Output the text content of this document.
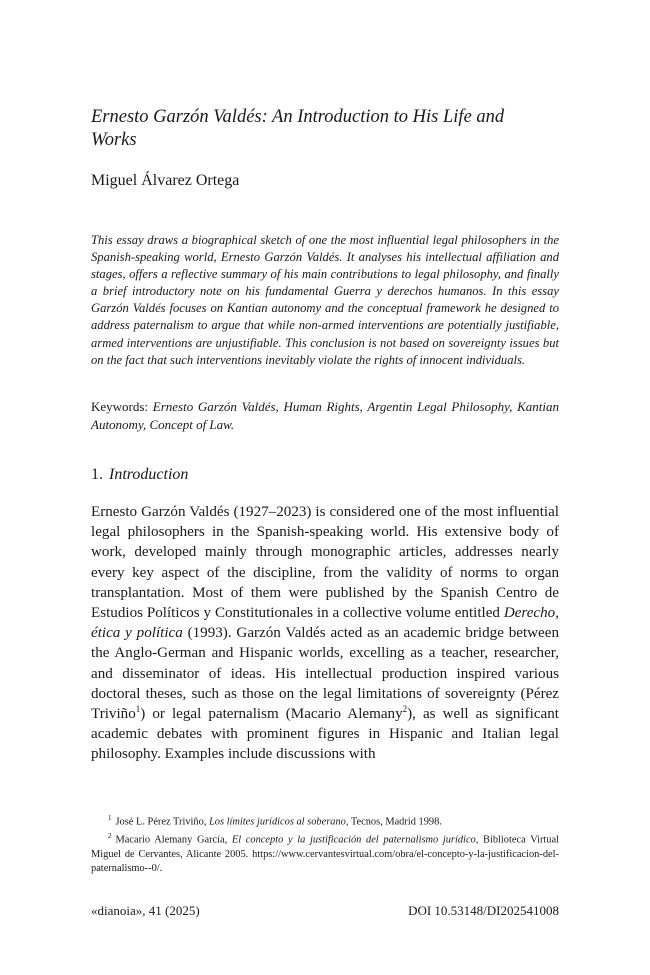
Ernesto Garzón Valdés: An Introduction to His Life and Works
Miguel Álvarez Ortega

This essay draws a biographical sketch of one the most influential legal philosophers in the Spanish-speaking world, Ernesto Garzón Valdés. It analyses his intellectual affiliation and stages, offers a reflective summary of his main contributions to legal philosophy, and finally a brief introductory note on his fundamental Guerra y derechos humanos. In this essay Garzón Valdés focuses on Kantian autonomy and the conceptual framework he designed to address paternalism to argue that while non-armed interventions are potentially justifiable, armed interventions are unjustifiable. This conclusion is not based on sovereignty issues but on the fact that such interventions inevitably violate the rights of innocent individuals.

Keywords: Ernesto Garzón Valdés, Human Rights, Argentin Legal Philosophy, Kantian Autonomy, Concept of Law.

1. Introduction

Ernesto Garzón Valdés (1927–2023) is considered one of the most influential legal philosophers in the Spanish-speaking world. His extensive body of work, developed mainly through monographic articles, addresses nearly every key aspect of the discipline, from the validity of norms to organ transplantation. Most of them were published by the Spanish Centro de Estudios Políticos y Constitutionales in a collective volume entitled Derecho, ética y política (1993). Garzón Valdés acted as an academic bridge between the Anglo-German and Hispanic worlds, excelling as a teacher, researcher, and disseminator of ideas. His intellectual production inspired various doctoral theses, such as those on the legal limitations of sovereignty (Pérez Triviño$^1$) or legal paternalism (Macario Alemany$^2$), as well as significant academic debates with prominent figures in Hispanic and Italian legal philosophy. Examples include discussions with

$^1$ José L. Pérez Triviño, Los límites jurídicos al soberano, Tecnos, Madrid 1998.

$^2$ Macario Alemany García, El concepto y la justificación del paternalismo jurídico, Biblioteca Virtual Miguel de Cervantes, Alicante 2005. https://www.cervantesvirtual.com/obra/el-concepto-y-la-justificacion-del-paternalismo--0/.

«dianoia», 41 (2025)	DOI 10.53148/DI202541008
